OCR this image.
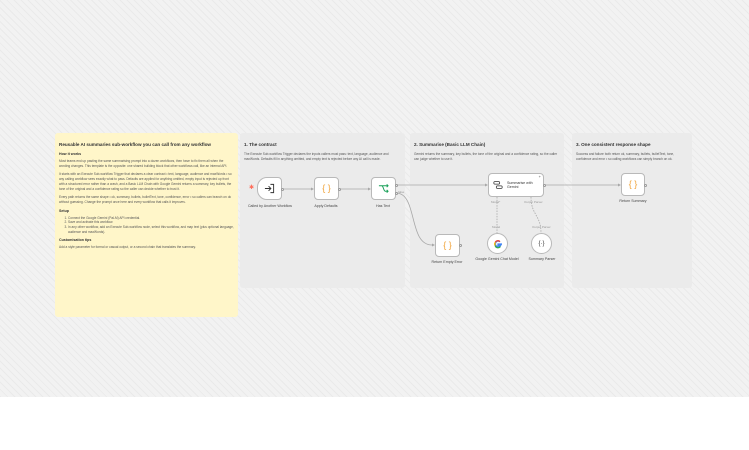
Reusable AI summaries sub-workflow you can call from any workflow
How it works

Most teams end up pasting the same summarising prompt into a dozen workflows, then have to fix them all when the wording changes. This template is the opposite: one shared building block that other workflows call, like an internal API.

It starts with an Execute Sub-workflow Trigger that declares a clear contract • text, language, audience and maxWords • so any calling workflow sees exactly what to pass. Defaults are applied for anything omitted, empty input is rejected up front with a structured error rather than a crash, and a Basic LLM Chain with Google Gemini returns a summary, key bullets, the tone of the original and a confidence rating so the caller can decide whether to trust it.

Every path returns the same shape • ok, summary, bullets, bulletText, tone, confidence, error • so callers can branch on ok without guessing. Change the prompt once here and every workflow that calls it improves.

Setup
1. Connect the Google Gemini (PaLM) API credential.
2. Save and activate this workflow.
3. In any other workflow, add an Execute Sub-workflow node, select this workflow, and map text (plus optional language, audience and maxWords).
Customisation tips

Add a style parameter for formal or casual output, or a second chain that translates the summary.

1. The contract

The Execute Sub-workflow Trigger declares the inputs callers must pass: text, language, audience and maxWords. Defaults fill in anything omitted, and empty text is rejected before any AI call is made.

2. Summarise (Basic LLM Chain)

Gemini returns the summary, key bullets, the tone of the original and a confidence rating, so the caller can judge whether to use it.

3. One consistent response shape

Success and failure both return ok, summary, bullets, bulletText, tone, confidence and error • so calling workflows can simply branch on ok.

✱
Called by Another Workflow
{ }
Apply Defaults
false
Has Text
Summarise with Gemini
+
Model*	Output Parser
{ }
Return Empty Error
{ }
Return Summary
Model
Google Gemini Chat Model
Output Parser
{·}
Summary Parser
